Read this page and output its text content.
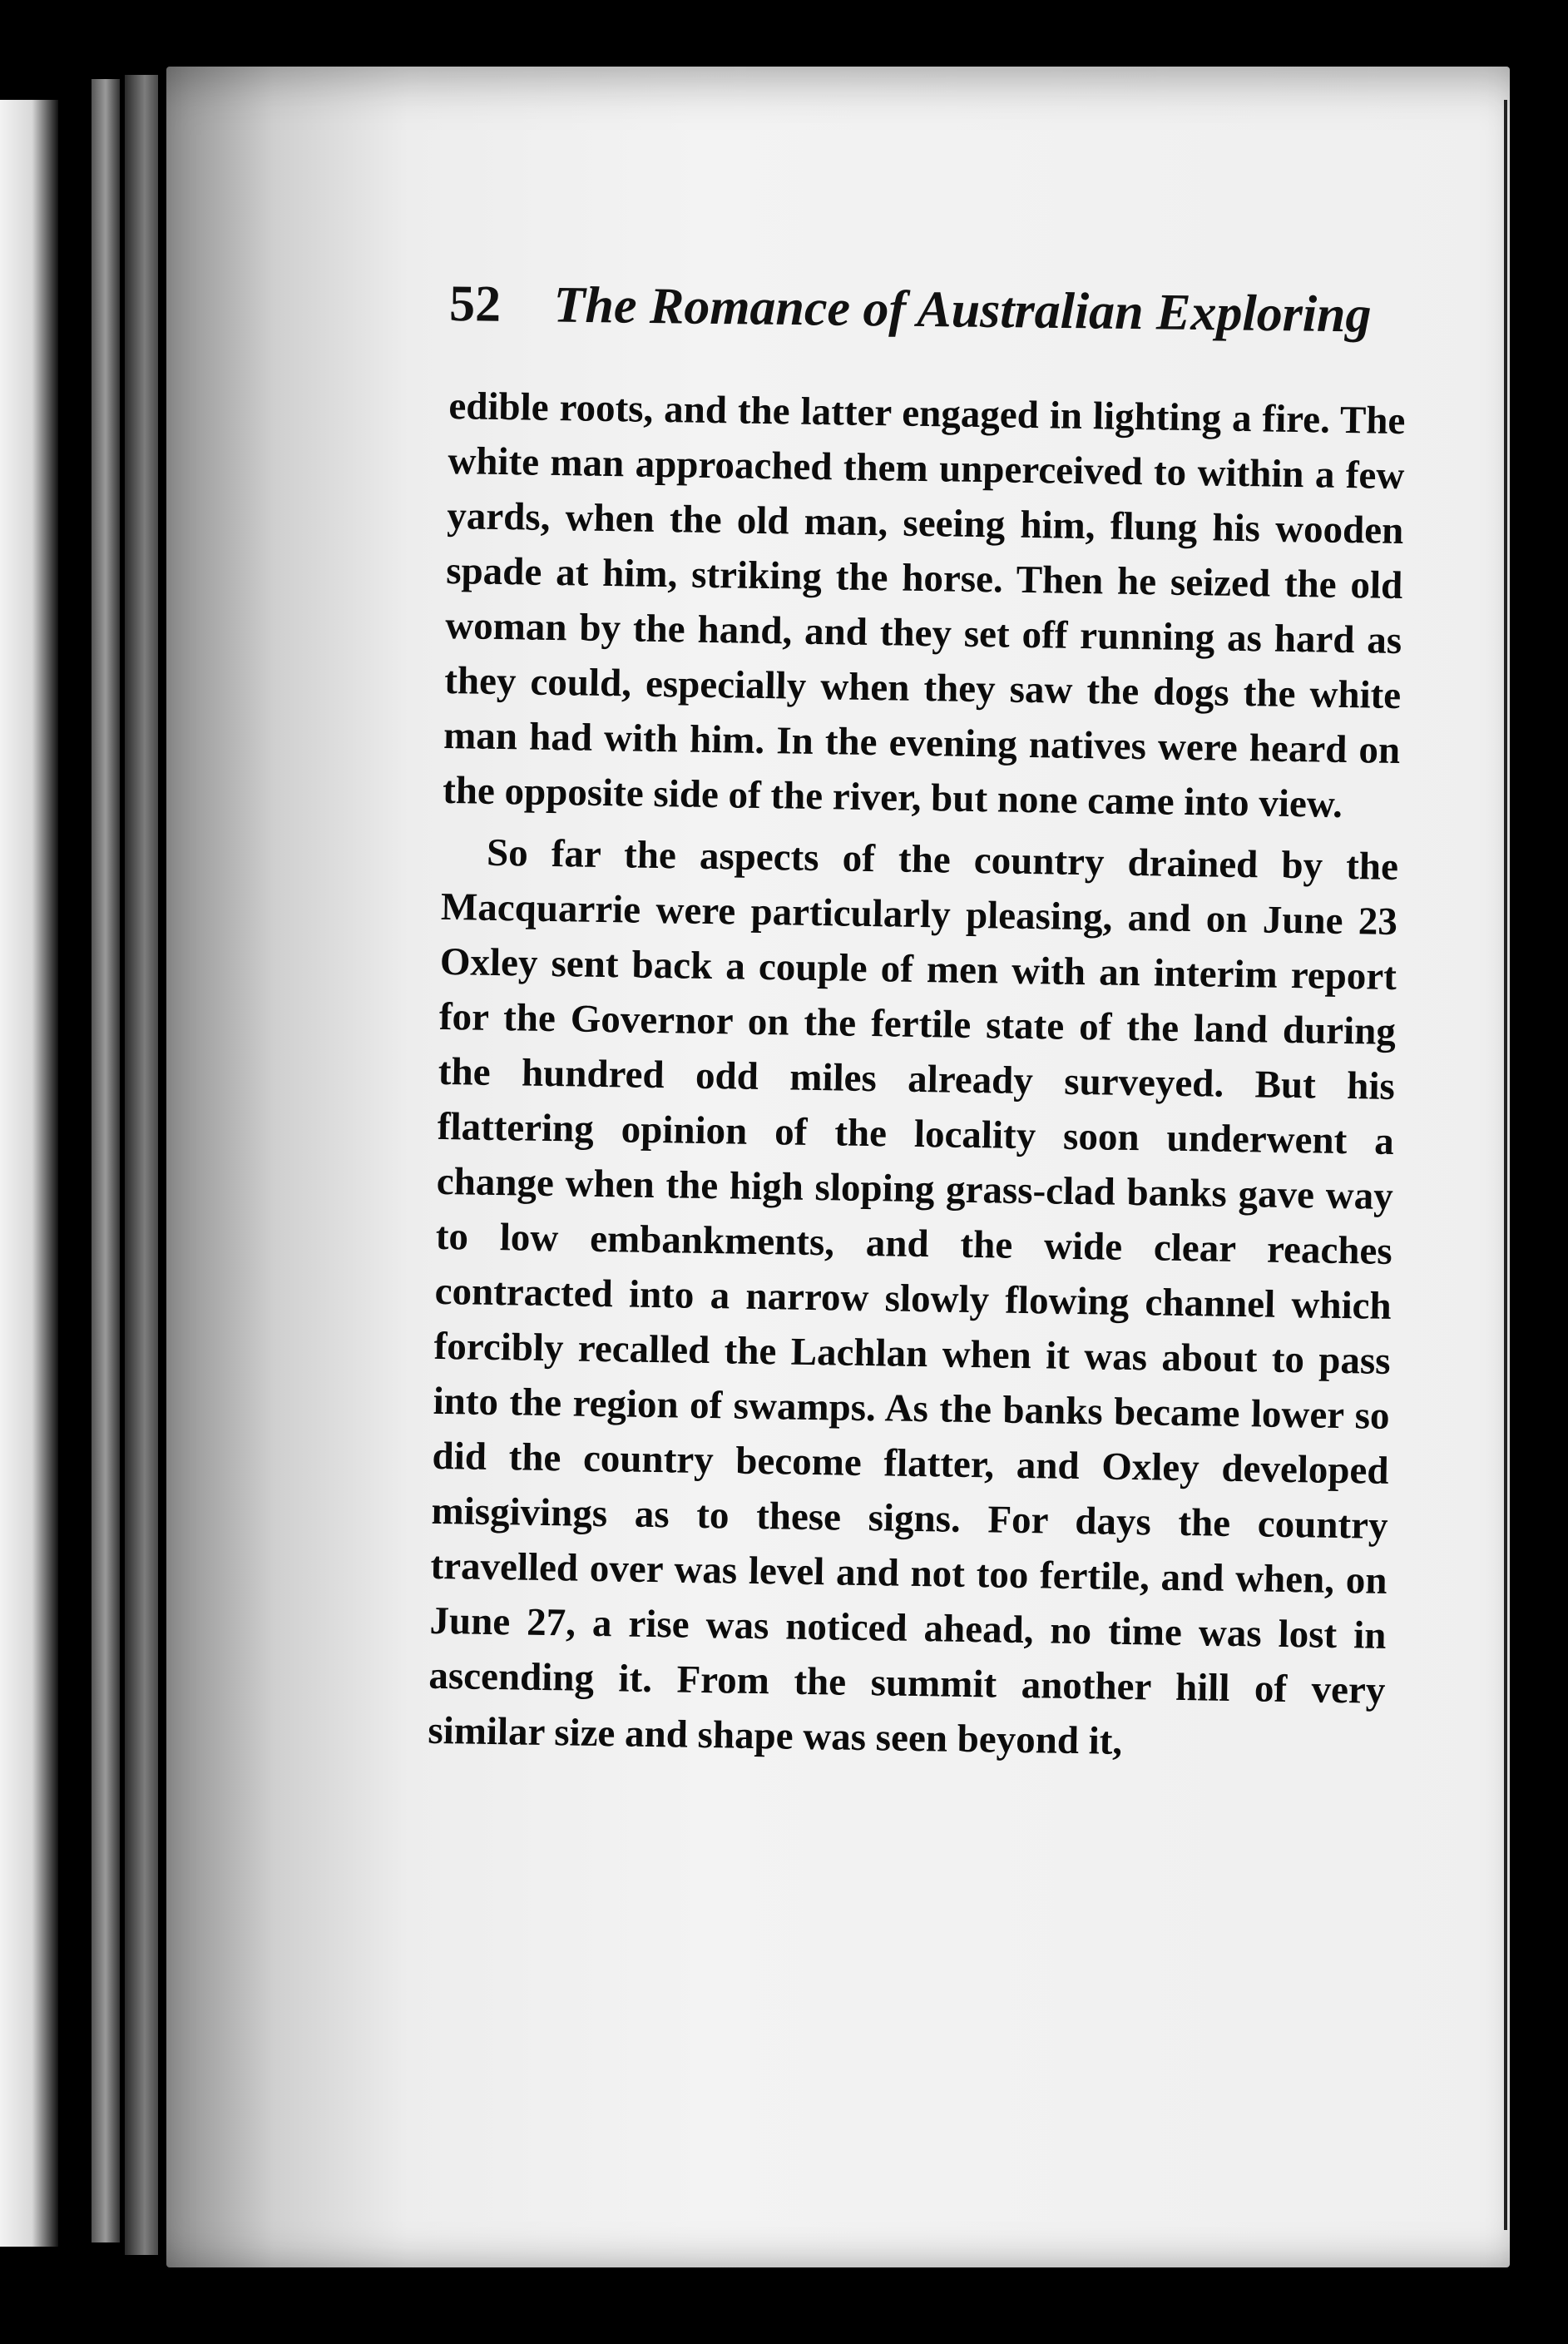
52 The Romance of Australian Exploring

edible roots, and the latter engaged in lighting a fire. The white man approached them unperceived to within a few yards, when the old man, seeing him, flung his wooden spade at him, striking the horse. Then he seized the old woman by the hand, and they set off running as hard as they could, especially when they saw the dogs the white man had with him. In the evening natives were heard on the opposite side of the river, but none came into view.

So far the aspects of the country drained by the Macquarrie were particularly pleasing, and on June 23 Oxley sent back a couple of men with an interim report for the Governor on the fertile state of the land during the hundred odd miles already surveyed. But his flattering opinion of the locality soon underwent a change when the high sloping grass-clad banks gave way to low embankments, and the wide clear reaches contracted into a narrow slowly flowing channel which forcibly recalled the Lachlan when it was about to pass into the region of swamps. As the banks became lower so did the country become flatter, and Oxley developed misgivings as to these signs. For days the country travelled over was level and not too fertile, and when, on June 27, a rise was noticed ahead, no time was lost in ascending it. From the summit another hill of very similar size and shape was seen beyond it,
